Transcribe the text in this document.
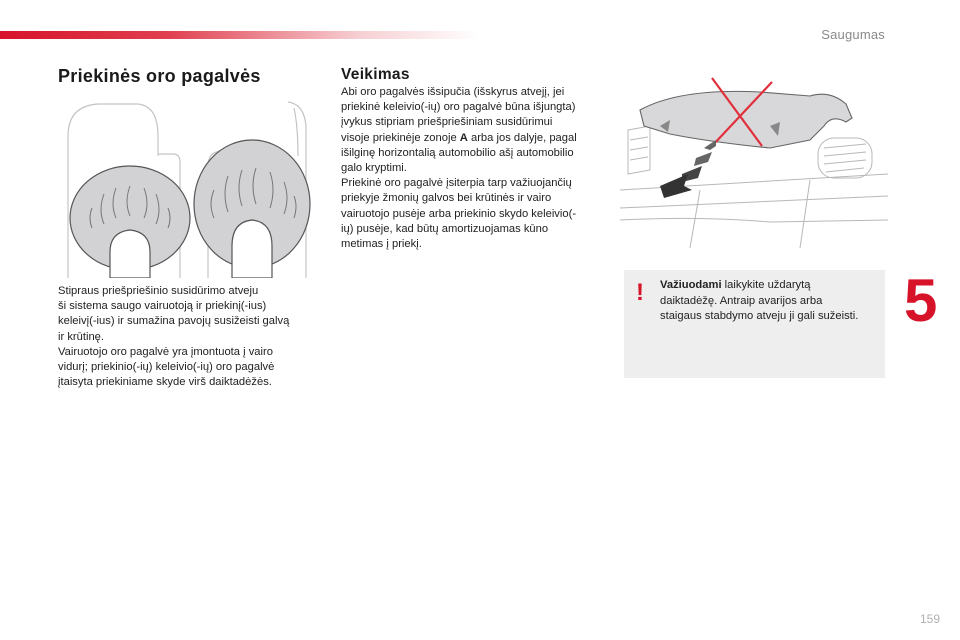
Saugumas
Priekinės oro pagalvės

Stipraus priešpriešinio susidūrimo atveju
ši sistema saugo vairuotoją ir priekinį(-ius)
keleivį(-ius) ir sumažina pavojų susižeisti galvą
ir krūtinę.
Vairuotojo oro pagalvė yra įmontuota į vairo
vidurį; priekinio(-ių) keleivio(-ių) oro pagalvė
įtaisyta priekiniame skyde virš daiktadėžės.

Veikimas

Abi oro pagalvės išsipučia (išskyrus atvejį, jei
priekinė keleivio(-ių) oro pagalvė būna išjungta)
įvykus stipriam priešpriešiniam susidūrimui
visoje priekinėje zonoje A arba jos dalyje, pagal
išilginę horizontalią automobilio ašį automobilio
galo kryptimi.
Priekinė oro pagalvė įsiterpia tarp važiuojančių
priekyje žmonių galvos bei krūtinės ir vairo
vairuotojo pusėje arba priekinio skydo keleivio(-
ių) pusėje, kad būtų amortizuojamas kūno
metimas į priekį.

! Važiuodami laikykite uždarytą
daiktadėžę. Antraip avarijos arba
staigaus stabdymo atveju ji gali sužeisti. 5
159
